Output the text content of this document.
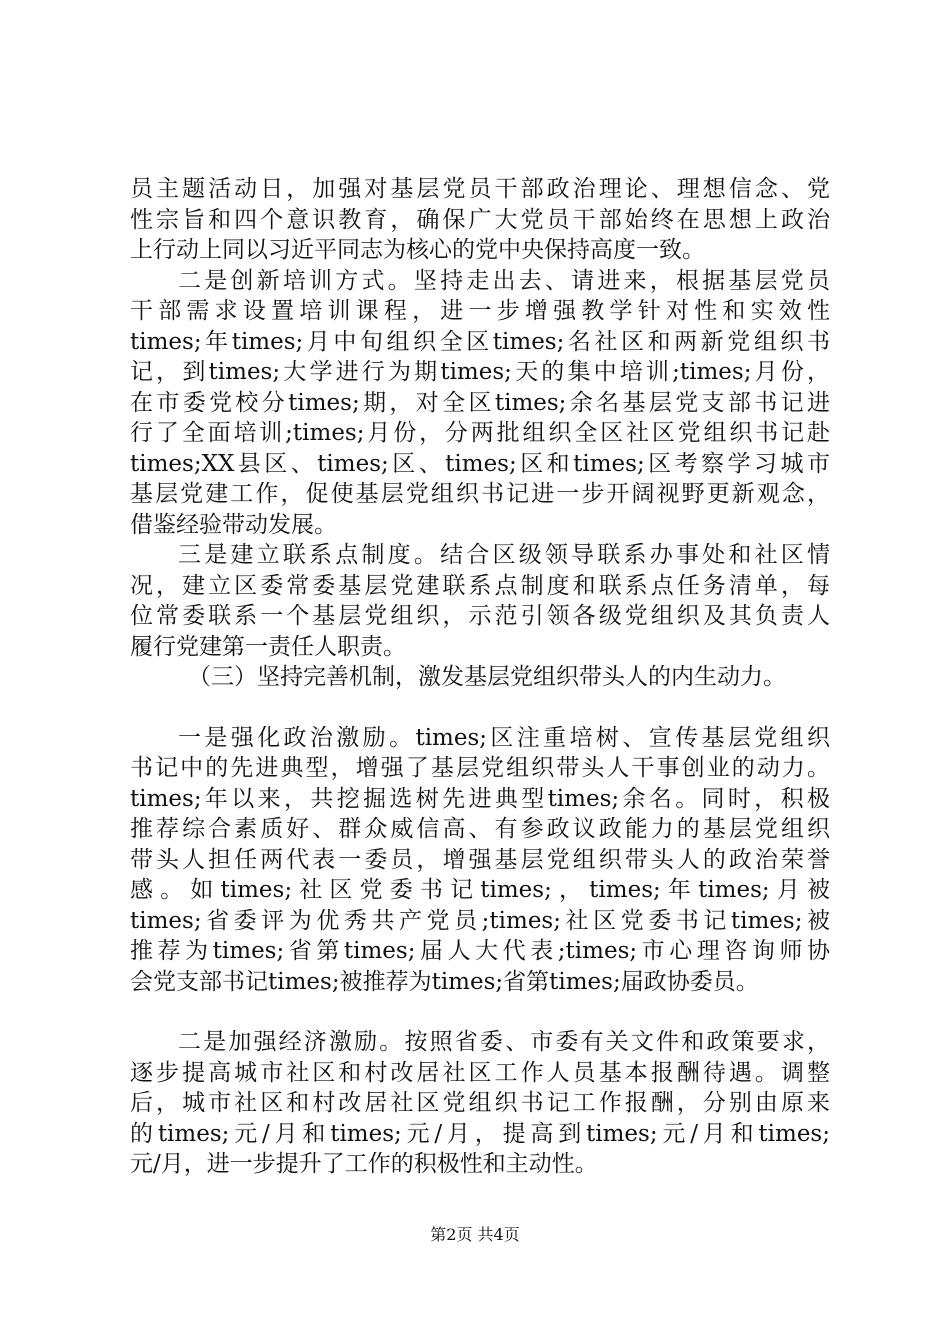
员主题活动日，加强对基层党员干部政治理论、理想信念、党
性宗旨和四个意识教育，确保广大党员干部始终在思想上政治
上行动上同以习近平同志为核心的党中央保持高度一致。
二是创新培训方式。坚持走出去、请进来，根据基层党员
干部需求设置培训课程，进一步增强教学针对性和实效性
times;年times;月中旬组织全区times;名社区和两新党组织书
记，到times;大学进行为期times;天的集中培训;times;月份，
在市委党校分times;期，对全区times;余名基层党支部书记进
行了全面培训;times;月份，分两批组织全区社区党组织书记赴
times;XX县区、times;区、times;区和times;区考察学习城市
基层党建工作，促使基层党组织书记进一步开阔视野更新观念，
借鉴经验带动发展。
三是建立联系点制度。结合区级领导联系办事处和社区情
况，建立区委常委基层党建联系点制度和联系点任务清单，每
位常委联系一个基层党组织，示范引领各级党组织及其负责人
履行党建第一责任人职责。
（三）坚持完善机制，激发基层党组织带头人的内生动力。
一是强化政治激励。times;区注重培树、宣传基层党组织
书记中的先进典型，增强了基层党组织带头人干事创业的动力。
times;年以来，共挖掘选树先进典型times;余名。同时，积极
推荐综合素质好、群众威信高、有参政议政能力的基层党组织
带头人担任两代表一委员，增强基层党组织带头人的政治荣誉
感。如times;社区党委书记times;，times;年times;月被
times;省委评为优秀共产党员;times;社区党委书记times;被
推荐为times;省第times;届人大代表;times;市心理咨询师协
会党支部书记times;被推荐为times;省第times;届政协委员。
二是加强经济激励。按照省委、市委有关文件和政策要求，
逐步提高城市社区和村改居社区工作人员基本报酬待遇。调整
后，城市社区和村改居社区党组织书记工作报酬，分别由原来
的times;元/月和times;元/月，提高到times;元/月和times;
元/月，进一步提升了工作的积极性和主动性。
第2页 共4页
